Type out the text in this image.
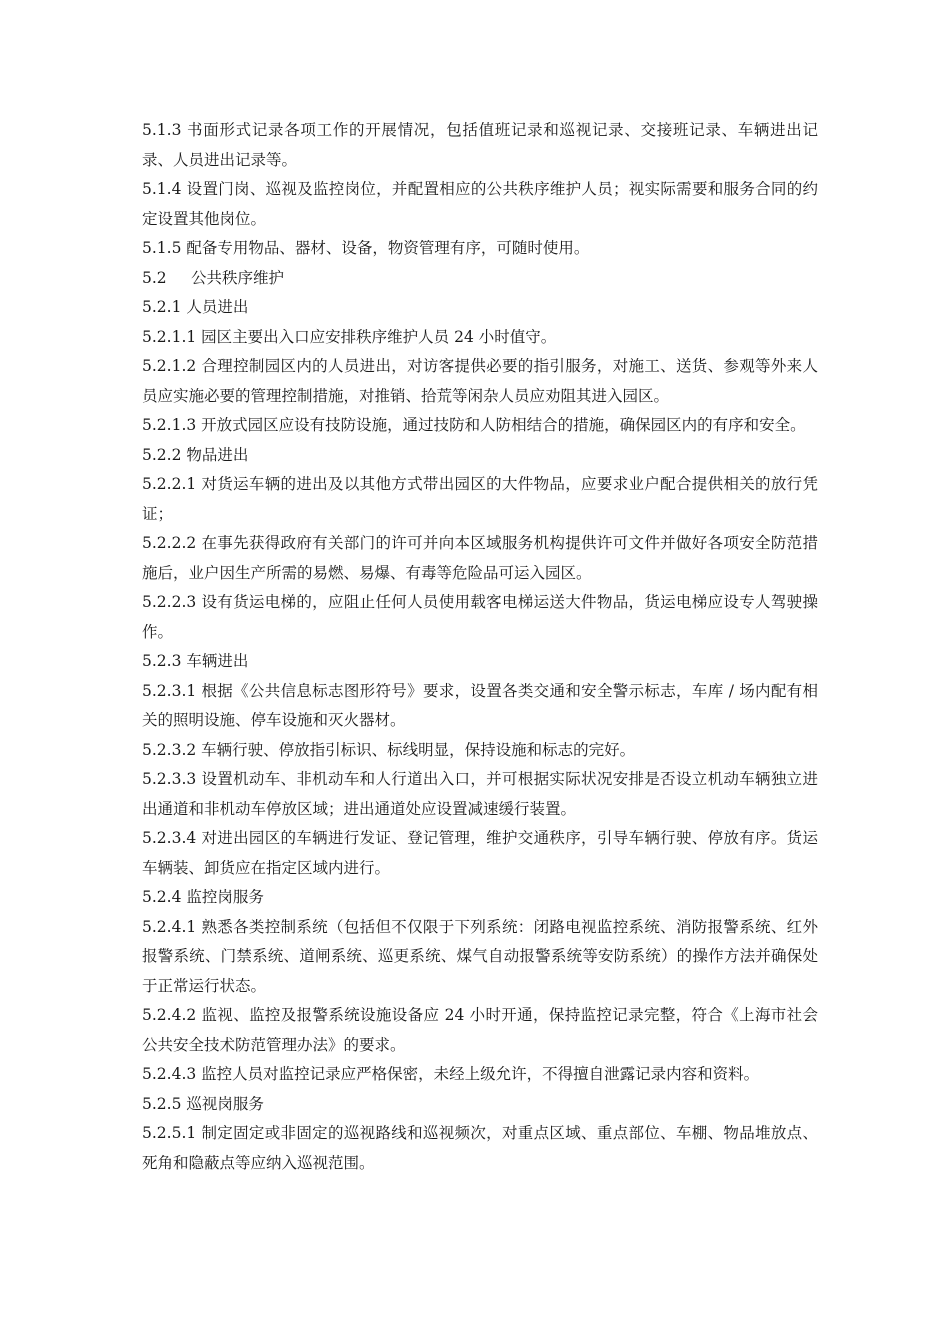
5.1.3 书面形式记录各项工作的开展情况，包括值班记录和巡视记录、交接班记录、车辆进出记录、人员进出记录等。

5.1.4 设置门岗、巡视及监控岗位，并配置相应的公共秩序维护人员；视实际需要和服务合同的约定设置其他岗位。

5.1.5 配备专用物品、器材、设备，物资管理有序，可随时使用。

5.2 公共秩序维护

5.2.1 人员进出

5.2.1.1 园区主要出入口应安排秩序维护人员 24 小时值守。

5.2.1.2 合理控制园区内的人员进出，对访客提供必要的指引服务，对施工、送货、参观等外来人员应实施必要的管理控制措施，对推销、拾荒等闲杂人员应劝阻其进入园区。

5.2.1.3 开放式园区应设有技防设施，通过技防和人防相结合的措施，确保园区内的有序和安全。

5.2.2 物品进出

5.2.2.1 对货运车辆的进出及以其他方式带出园区的大件物品，应要求业户配合提供相关的放行凭证；

5.2.2.2 在事先获得政府有关部门的许可并向本区域服务机构提供许可文件并做好各项安全防范措施后，业户因生产所需的易燃、易爆、有毒等危险品可运入园区。

5.2.2.3 设有货运电梯的，应阻止任何人员使用载客电梯运送大件物品，货运电梯应设专人驾驶操作。

5.2.3 车辆进出

5.2.3.1 根据《公共信息标志图形符号》要求，设置各类交通和安全警示标志，车库 / 场内配有相关的照明设施、停车设施和灭火器材。

5.2.3.2 车辆行驶、停放指引标识、标线明显，保持设施和标志的完好。

5.2.3.3 设置机动车、非机动车和人行道出入口，并可根据实际状况安排是否设立机动车辆独立进出通道和非机动车停放区域；进出通道处应设置减速缓行装置。

5.2.3.4 对进出园区的车辆进行发证、登记管理，维护交通秩序，引导车辆行驶、停放有序。货运车辆装、卸货应在指定区域内进行。

5.2.4 监控岗服务

5.2.4.1 熟悉各类控制系统（包括但不仅限于下列系统：闭路电视监控系统、消防报警系统、红外报警系统、门禁系统、道闸系统、巡更系统、煤气自动报警系统等安防系统）的操作方法并确保处于正常运行状态。

5.2.4.2 监视、监控及报警系统设施设备应 24 小时开通，保持监控记录完整，符合《上海市社会公共安全技术防范管理办法》的要求。

5.2.4.3 监控人员对监控记录应严格保密，未经上级允许，不得擅自泄露记录内容和资料。

5.2.5 巡视岗服务

5.2.5.1 制定固定或非固定的巡视路线和巡视频次，对重点区域、重点部位、车棚、物品堆放点、死角和隐蔽点等应纳入巡视范围。
